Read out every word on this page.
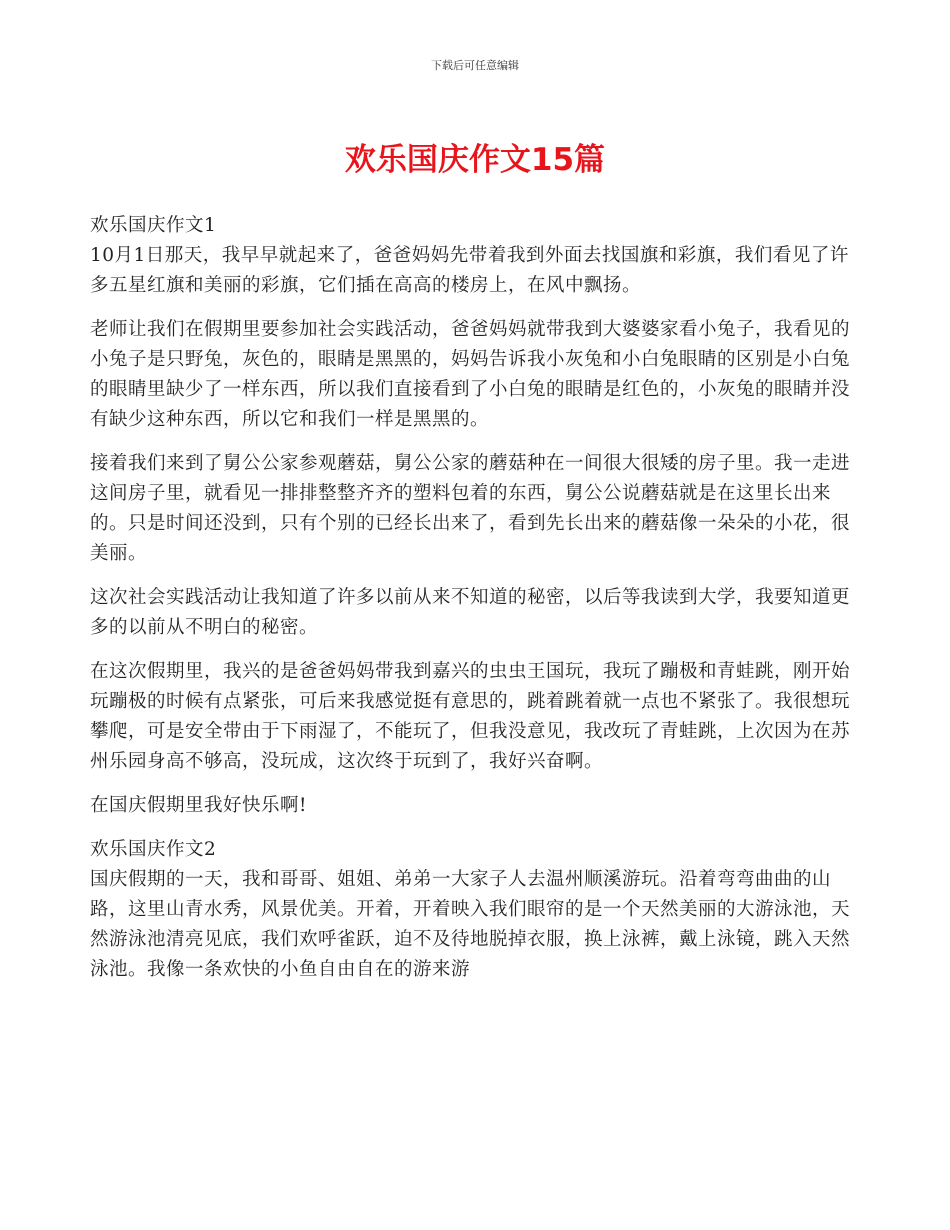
下载后可任意编辑
欢乐国庆作文15篇

欢乐国庆作文1

10月1日那天，我早早就起来了，爸爸妈妈先带着我到外面去找国旗和彩旗，我们看见了许多五星红旗和美丽的彩旗，它们插在高高的楼房上，在风中飘扬。

老师让我们在假期里要参加社会实践活动，爸爸妈妈就带我到大婆婆家看小兔子，我看见的小兔子是只野兔，灰色的，眼睛是黑黑的，妈妈告诉我小灰兔和小白兔眼睛的区别是小白兔的眼睛里缺少了一样东西，所以我们直接看到了小白兔的眼睛是红色的，小灰兔的眼睛并没有缺少这种东西，所以它和我们一样是黑黑的。

接着我们来到了舅公公家参观蘑菇，舅公公家的蘑菇种在一间很大很矮的房子里。我一走进这间房子里，就看见一排排整整齐齐的塑料包着的东西，舅公公说蘑菇就是在这里长出来的。只是时间还没到，只有个别的已经长出来了，看到先长出来的蘑菇像一朵朵的小花，很美丽。

这次社会实践活动让我知道了许多以前从来不知道的秘密，以后等我读到大学，我要知道更多的以前从不明白的秘密。

在这次假期里，我兴的是爸爸妈妈带我到嘉兴的虫虫王国玩，我玩了蹦极和青蛙跳，刚开始玩蹦极的时候有点紧张，可后来我感觉挺有意思的，跳着跳着就一点也不紧张了。我很想玩攀爬，可是安全带由于下雨湿了，不能玩了，但我没意见，我改玩了青蛙跳，上次因为在苏州乐园身高不够高，没玩成，这次终于玩到了，我好兴奋啊。

在国庆假期里我好快乐啊!

欢乐国庆作文2

国庆假期的一天，我和哥哥、姐姐、弟弟一大家子人去温州顺溪游玩。沿着弯弯曲曲的山路，这里山青水秀，风景优美。开着，开着映入我们眼帘的是一个天然美丽的大游泳池，天然游泳池清亮见底，我们欢呼雀跃，迫不及待地脱掉衣服，换上泳裤，戴上泳镜，跳入天然泳池。我像一条欢快的小鱼自由自在的游来游
